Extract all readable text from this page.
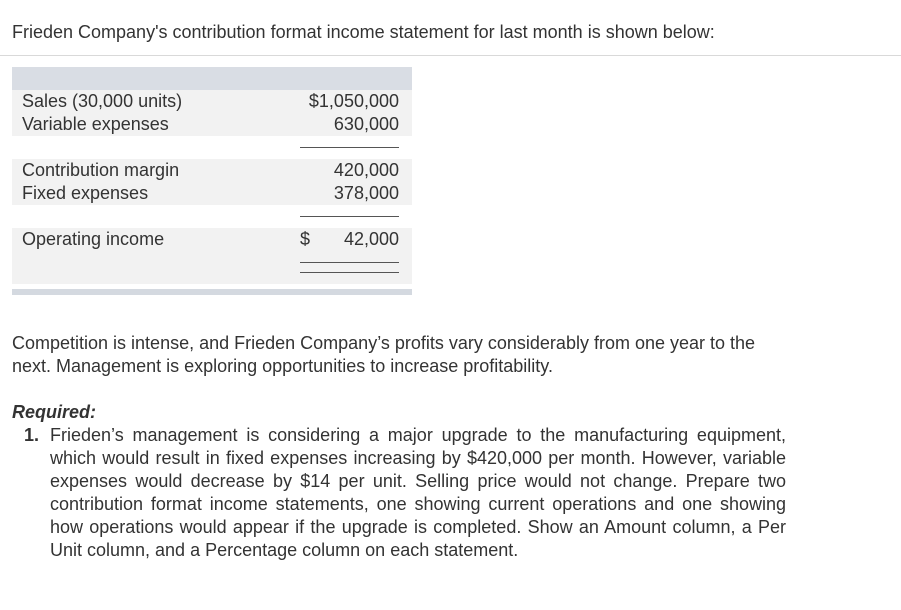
Frieden Company's contribution format income statement for last month is shown below:
Sales (30,000 units)	$1,050,000
Variable expenses	630,000
Contribution margin	420,000
Fixed expenses	378,000
Operating income	$ 42,000
Competition is intense, and Frieden Company’s profits vary considerably from one year to the next. Management is exploring opportunities to increase profitability.
Required:
1. Frieden’s management is considering a major upgrade to the manufacturing equipment, which would result in fixed expenses increasing by $420,000 per month. However, variable expenses would decrease by $14 per unit. Selling price would not change. Prepare two contribution format income statements, one showing current operations and one showing how operations would appear if the upgrade is completed. Show an Amount column, a Per Unit column, and a Percentage column on each statement.
